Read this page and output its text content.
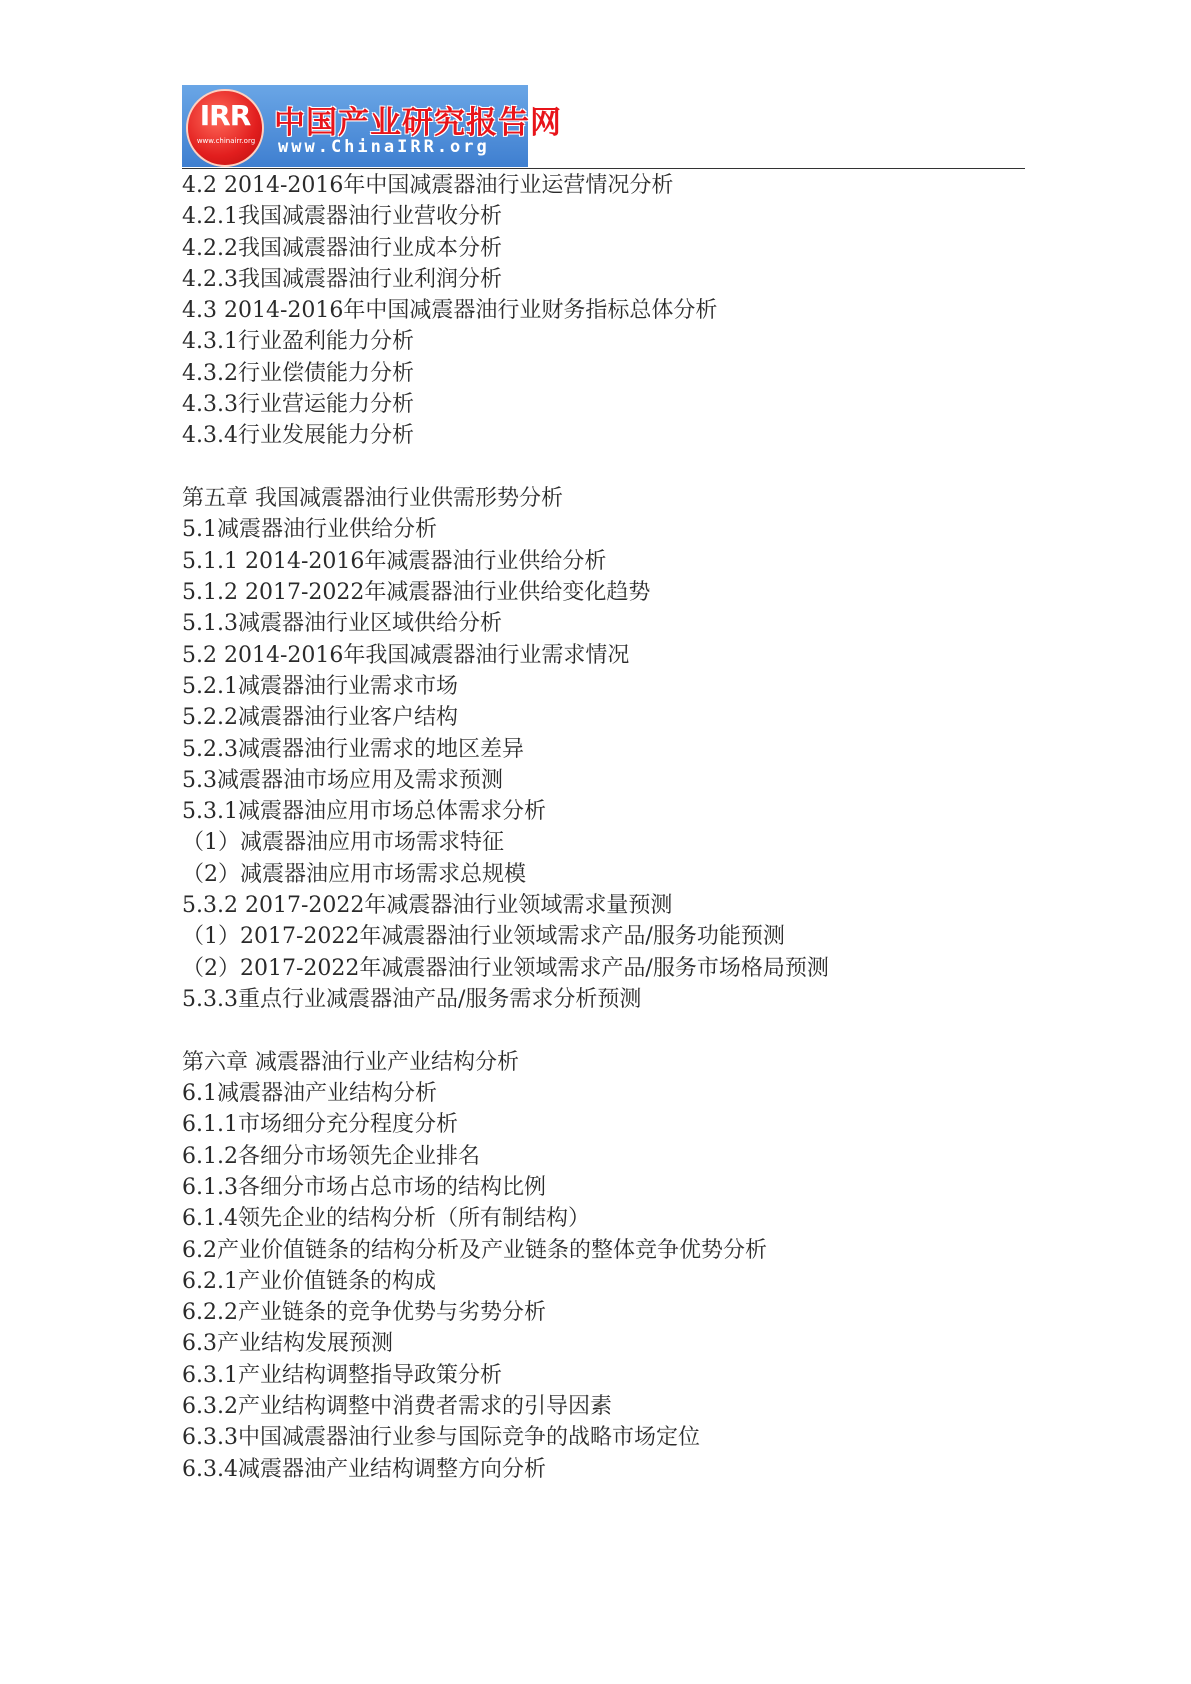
IRR
www.chinairr.org 中国产业研究报告网
www.ChinaIRR.org
4.2 2014-2016年中国减震器油行业运营情况分析
4.2.1我国减震器油行业营收分析
4.2.2我国减震器油行业成本分析
4.2.3我国减震器油行业利润分析
4.3 2014-2016年中国减震器油行业财务指标总体分析
4.3.1行业盈利能力分析
4.3.2行业偿债能力分析
4.3.3行业营运能力分析
4.3.4行业发展能力分析
第五章 我国减震器油行业供需形势分析
5.1减震器油行业供给分析
5.1.1 2014-2016年减震器油行业供给分析
5.1.2 2017-2022年减震器油行业供给变化趋势
5.1.3减震器油行业区域供给分析
5.2 2014-2016年我国减震器油行业需求情况
5.2.1减震器油行业需求市场
5.2.2减震器油行业客户结构
5.2.3减震器油行业需求的地区差异
5.3减震器油市场应用及需求预测
5.3.1减震器油应用市场总体需求分析
（1）减震器油应用市场需求特征
（2）减震器油应用市场需求总规模
5.3.2 2017-2022年减震器油行业领域需求量预测
（1）2017-2022年减震器油行业领域需求产品/服务功能预测
（2）2017-2022年减震器油行业领域需求产品/服务市场格局预测
5.3.3重点行业减震器油产品/服务需求分析预测
第六章 减震器油行业产业结构分析
6.1减震器油产业结构分析
6.1.1市场细分充分程度分析
6.1.2各细分市场领先企业排名
6.1.3各细分市场占总市场的结构比例
6.1.4领先企业的结构分析（所有制结构）
6.2产业价值链条的结构分析及产业链条的整体竞争优势分析
6.2.1产业价值链条的构成
6.2.2产业链条的竞争优势与劣势分析
6.3产业结构发展预测
6.3.1产业结构调整指导政策分析
6.3.2产业结构调整中消费者需求的引导因素
6.3.3中国减震器油行业参与国际竞争的战略市场定位
6.3.4减震器油产业结构调整方向分析
